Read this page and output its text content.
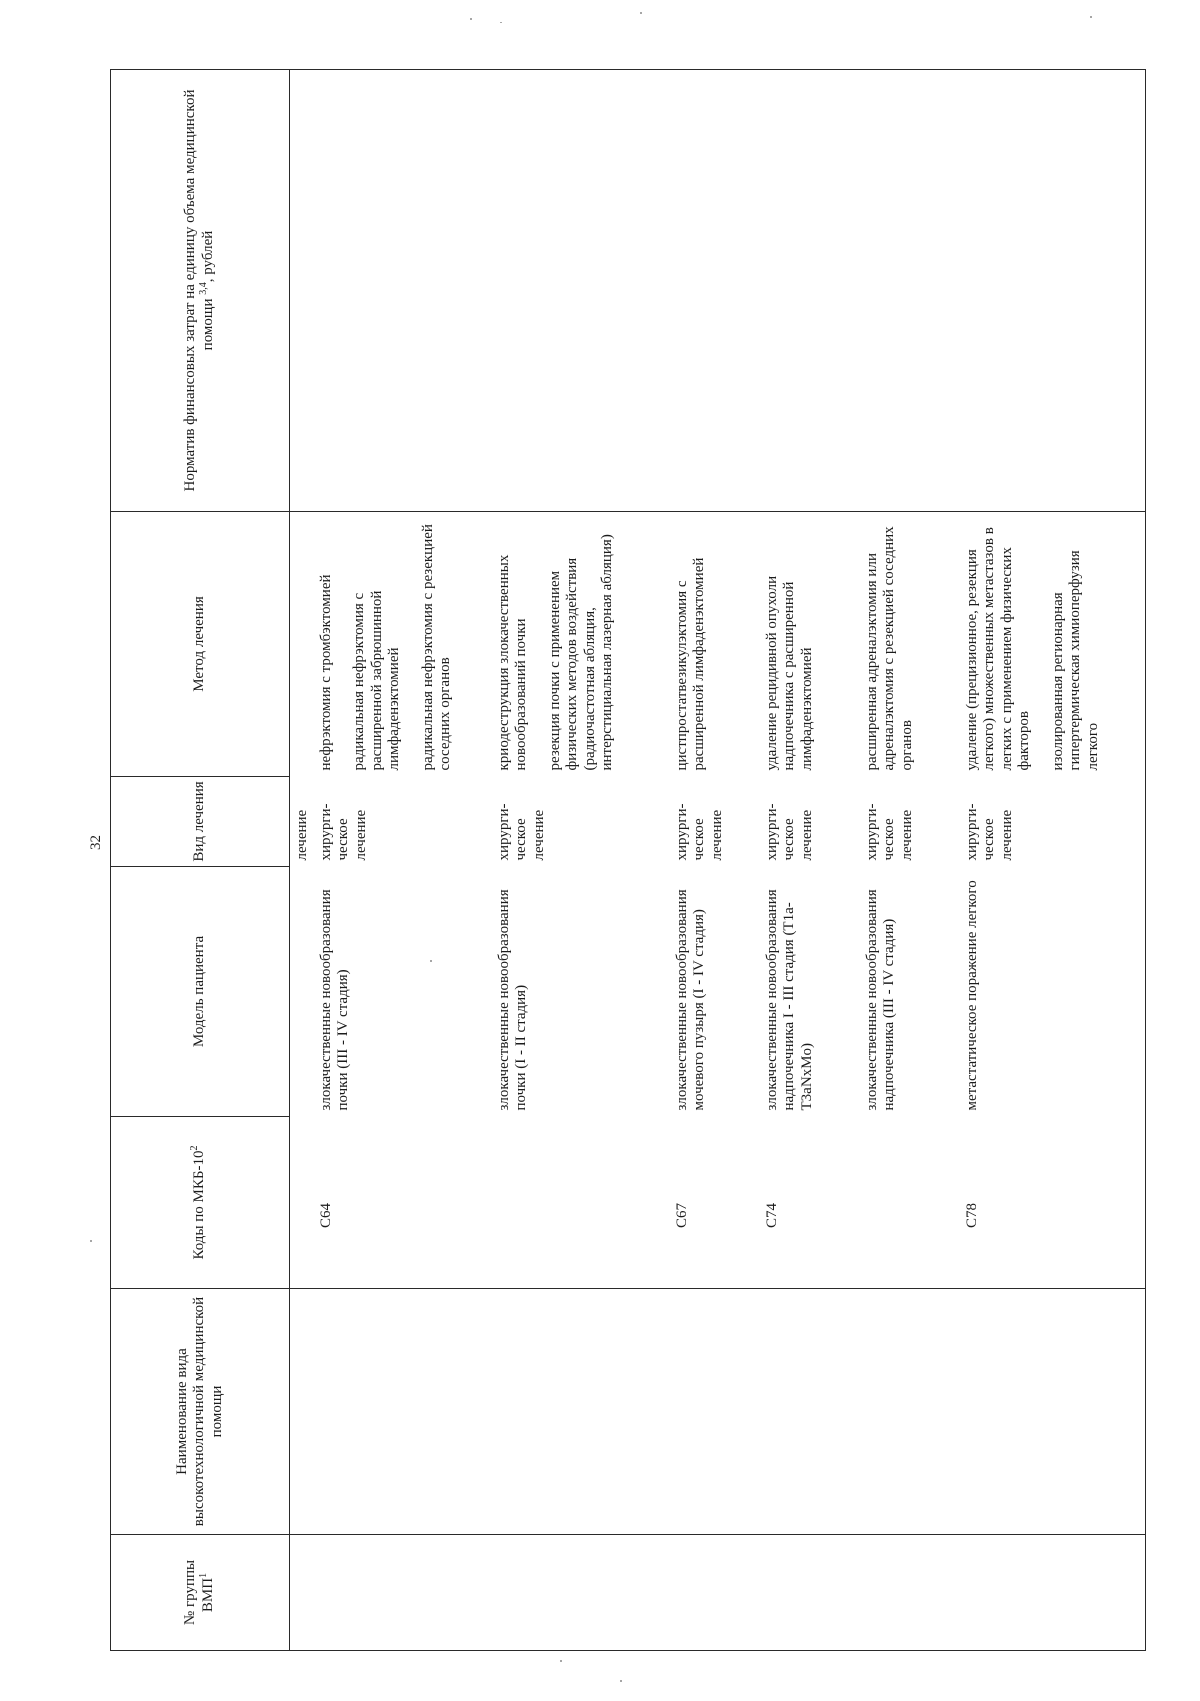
32
№ группы ВМП$^1$	Наименование вида высокотехнологичной медицинской помощи	Коды по МКБ-$10^2$	Модель пациента	Вид лечения	Метод лечения	Норматив финансовых затрат на единицу объема медицинской помощи $^{3,4}$, рублей
				лечение		
		С64	злокачественные новообразования почки (III - IV стадия)	хирурги-ческое лечение	нефрэктомия с тромбэктомией радикальная нефрэктомия с расширенной забрюшинной лимфаденэктомией радикальная нефрэктомия с резекцией соседних органов	

			злокачественные новообразования почки (I - II стадия)	хирурги-ческое лечение	криодеструкция злокачественных новообразований почки резекция почки с применением физических методов воздействия (радиочастотная абляция, интерстициальная лазерная абляция)	

		С67	злокачественные новообразования мочевого пузыря (I - IV стадия)	хирурги-ческое лечение	цистпростатвезикулэктомия с расширенной лимфаденэктомией	

		С74	злокачественные новообразования надпочечника I - III стадия (T1a-T3aNxMo)	хирурги-ческое лечение	удаление рецидивной опухоли надпочечника с расширенной лимфаденэктомией	

			злокачественные новообразования надпочечника (III - IV стадия)	хирурги-ческое лечение	расширенная адреналэктомия или адреналэктомия с резекцией соседних органов	

		С78	метастатическое поражение легкого	хирурги-ческое лечение	удаление (прецизионное, резекция легкого) множественных метастазов в легких с применением физических факторов изолированная регионарная гипертермическая химиоперфузия легкого	
